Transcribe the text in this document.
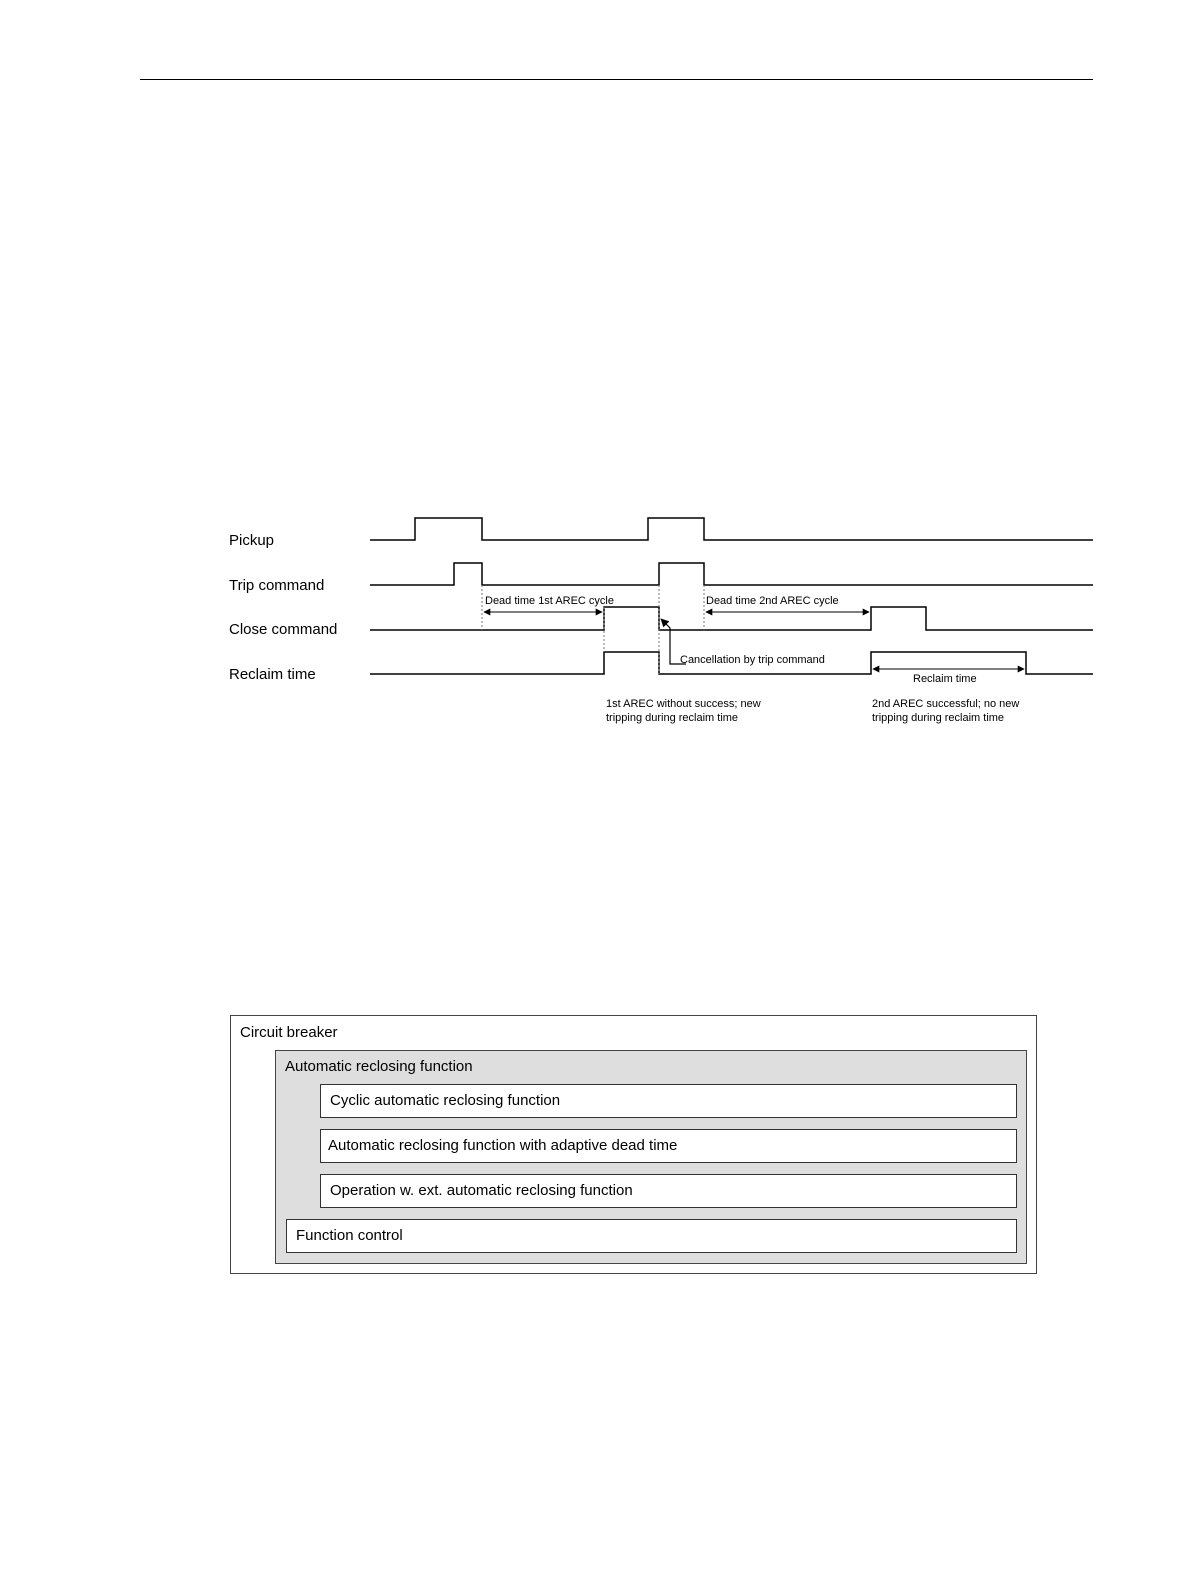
Pickup
Trip command
Close command
Reclaim time
Dead time 1st AREC cycle	Dead time 2nd AREC cycle
Cancellation by trip command
Reclaim time
1st AREC without success; new
tripping during reclaim time
2nd AREC successful; no new
tripping during reclaim time
Circuit breaker
Automatic reclosing function
Cyclic automatic reclosing function
Automatic reclosing function with adaptive dead time
Operation w. ext. automatic reclosing function
Function control
